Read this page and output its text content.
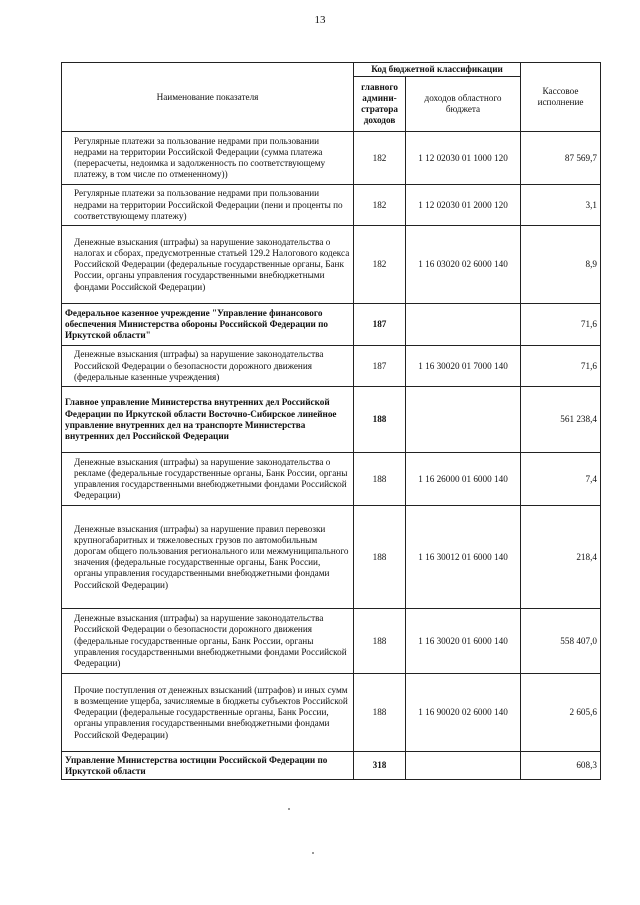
13
Наименование показателя	Код бюджетной классификации		Кассовое исполнение
	главного админи-стратора доходов	доходов областного бюджета	
Регулярные платежи за пользование недрами при пользовании недрами на территории Российской Федерации (сумма платежа (перерасчеты, недоимка и задолженность по соответствующему платежу, в том числе по отмененному))	182	1 12 02030 01 1000 120	87 569,7
Регулярные платежи за пользование недрами при пользовании недрами на территории Российской Федерации (пени и проценты по соответствующему платежу)	182	1 12 02030 01 2000 120	3,1
Денежные взыскания (штрафы) за нарушение законодательства о налогах и сборах, предусмотренные статьей 129.2 Налогового кодекса Российской Федерации (федеральные государственные органы, Банк России, органы управления государственными внебюджетными фондами Российской Федерации)	182	1 16 03020 02 6000 140	8,9
Федеральное казенное учреждение "Управление финансового обеспечения Министерства обороны Российской Федерации по Иркутской области"	187		71,6
Денежные взыскания (штрафы) за нарушение законодательства Российской Федерации о безопасности дорожного движения (федеральные казенные учреждения)	187	1 16 30020 01 7000 140	71,6
Главное управление Министерства внутренних дел Российской Федерации по Иркутской области Восточно-Сибирское линейное управление внутренних дел на транспорте Министерства внутренних дел Российской Федерации	188		561 238,4
Денежные взыскания (штрафы) за нарушение законодательства о рекламе (федеральные государственные органы, Банк России, органы управления государственными внебюджетными фондами Российской Федерации)	188	1 16 26000 01 6000 140	7,4
Денежные взыскания (штрафы) за нарушение правил перевозки крупногабаритных и тяжеловесных грузов по автомобильным дорогам общего пользования регионального или межмуниципального значения (федеральные государственные органы, Банк России, органы управления государственными внебюджетными фондами Российской Федерации)	188	1 16 30012 01 6000 140	218,4
Денежные взыскания (штрафы) за нарушение законодательства Российской Федерации о безопасности дорожного движения (федеральные государственные органы, Банк России, органы управления государственными внебюджетными фондами Российской Федерации)	188	1 16 30020 01 6000 140	558 407,0
Прочие поступления от денежных взысканий (штрафов) и иных сумм в возмещение ущерба, зачисляемые в бюджеты субъектов Российской Федерации (федеральные государственные органы, Банк России, органы управления государственными внебюджетными фондами Российской Федерации)	188	1 16 90020 02 6000 140	2 605,6
Управление Министерства юстиции Российской Федерации по Иркутской области	318		608,3
